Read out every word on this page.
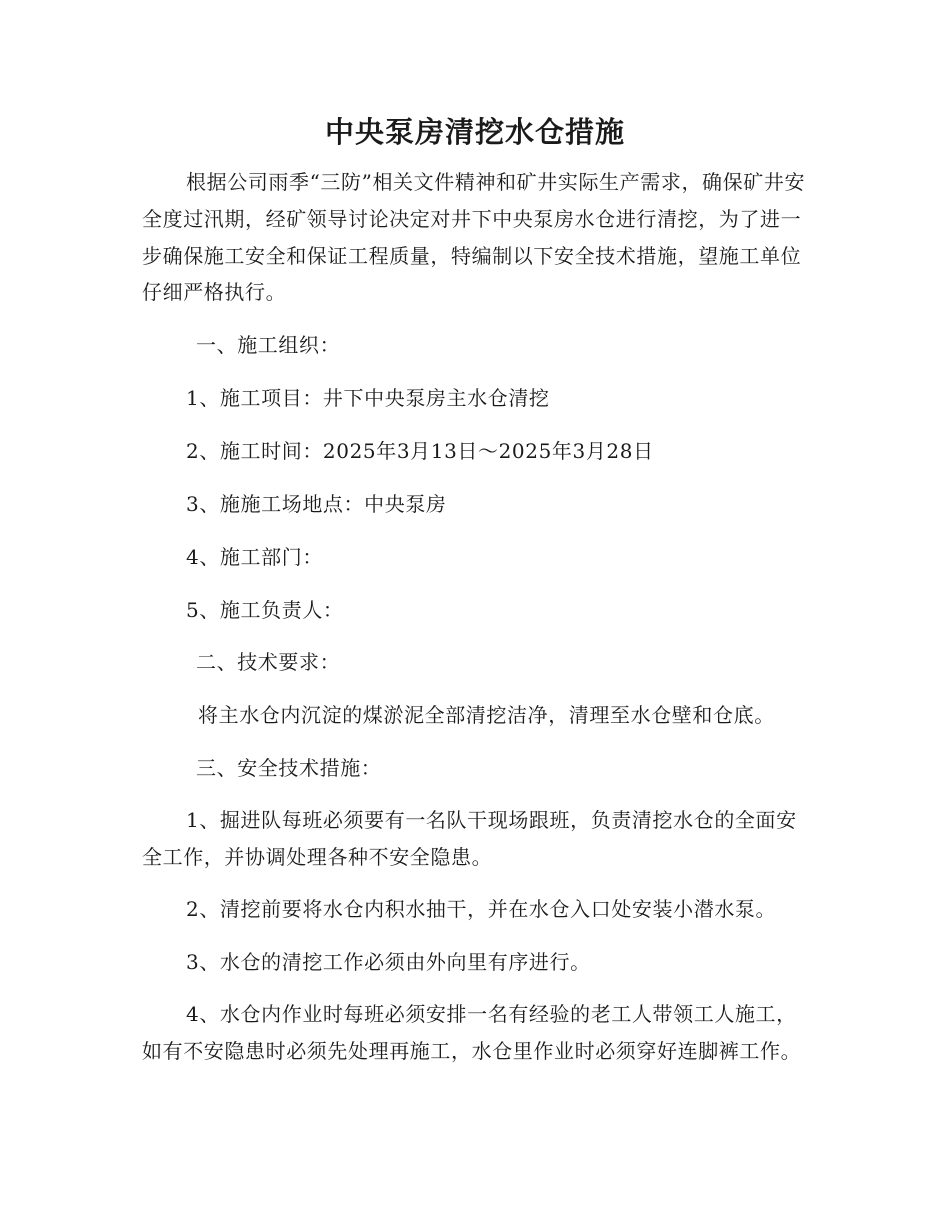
中央泵房清挖水仓措施

根据公司雨季“三防”相关文件精神和矿井实际生产需求，确保矿井安全度过汛期，经矿领导讨论决定对井下中央泵房水仓进行清挖，为了进一步确保施工安全和保证工程质量，特编制以下安全技术措施，望施工单位仔细严格执行。

一、施工组织：

1、施工项目：井下中央泵房主水仓清挖

2、施工时间：2025年3月13日～2025年3月28日

3、施施工场地点：中央泵房

4、施工部门：

5、施工负责人：

二、技术要求：

将主水仓内沉淀的煤淤泥全部清挖洁净，清理至水仓壁和仓底。

三、安全技术措施：

1、掘进队每班必须要有一名队干现场跟班，负责清挖水仓的全面安全工作，并协调处理各种不安全隐患。

2、清挖前要将水仓内积水抽干，并在水仓入口处安装小潜水泵。

3、水仓的清挖工作必须由外向里有序进行。

4、水仓内作业时每班必须安排一名有经验的老工人带领工人施工，如有不安隐患时必须先处理再施工，水仓里作业时必须穿好连脚裤工作。
